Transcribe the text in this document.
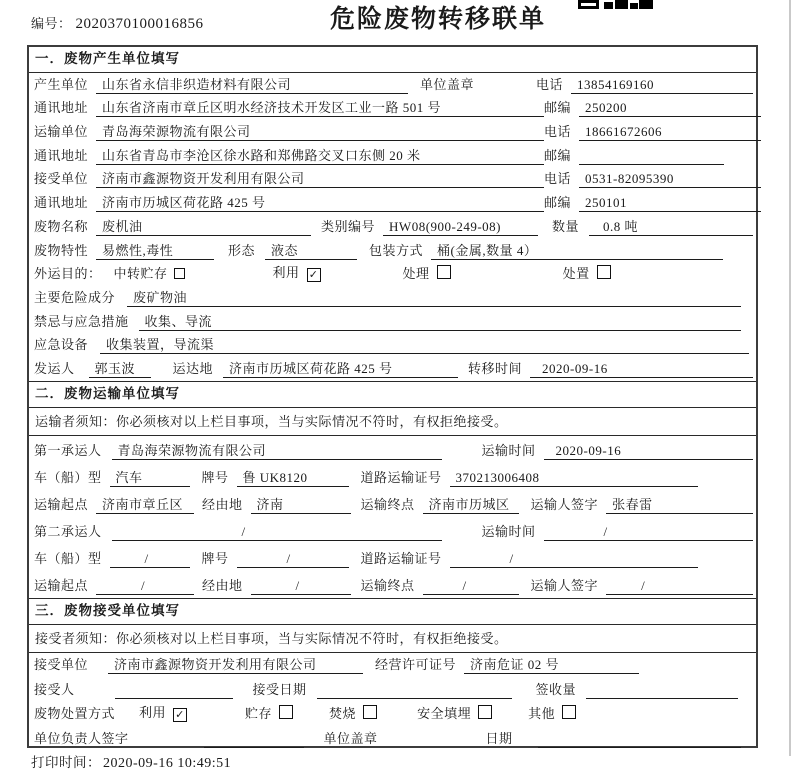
编号： 2020370100016856	危险废物转移联单
一．废物产生单位填写
产生单位	山东省永信非织造材料有限公司	单位盖章	电话	13854169160
通讯地址	山东省济南市章丘区明水经济技术开发区工业一路 501 号	邮编	250200
运输单位	青岛海荣源物流有限公司	电话	18661672606
通讯地址	山东省青岛市李沧区徐水路和郑佛路交叉口东侧 20 米	邮编
接受单位	济南市鑫源物资开发利用有限公司	电话	0531-82095390
通讯地址	济南市历城区荷花路 425 号	邮编	250101
废物名称	废机油	类别编号	HW08(900-249-08)	数量	0.8 吨
废物特性	易燃性,毒性	形态	液态	包装方式	桶(金属,数量 4）
外运目的： 中转贮存	利用 ✓	处理	处置
主要危险成分	废矿物油
禁忌与应急措施	收集、导流
应急设备	收集装置，导流渠
发运人	郭玉波	运达地	济南市历城区荷花路 425 号	转移时间	2020-09-16
二．废物运输单位填写
运输者须知：你必须核对以上栏目事项，当与实际情况不符时，有权拒绝接受。
第一承运人	青岛海荣源物流有限公司	运输时间	2020-09-16
车（船）型	汽车	牌号	鲁 UK8120	道路运输证号	370213006408
运输起点	济南市章丘区	经由地	济南	运输终点	济南市历城区	运输人签字	张春雷
第二承运人	/	运输时间	/
车（船）型	/	牌号	/	道路运输证号	/
运输起点	/	经由地	/	运输终点	/	运输人签字	/
三．废物接受单位填写
接受者须知：你必须核对以上栏目事项，当与实际情况不符时，有权拒绝接受。
接受单位	济南市鑫源物资开发利用有限公司	经营许可证号	济南危证 02 号
接受人	接受日期	签收量
废物处置方式 利用 ✓	贮存	焚烧	安全填埋	其他
单位负责人签字	单位盖章	日期
打印时间： 2020-09-16 10:49:51
